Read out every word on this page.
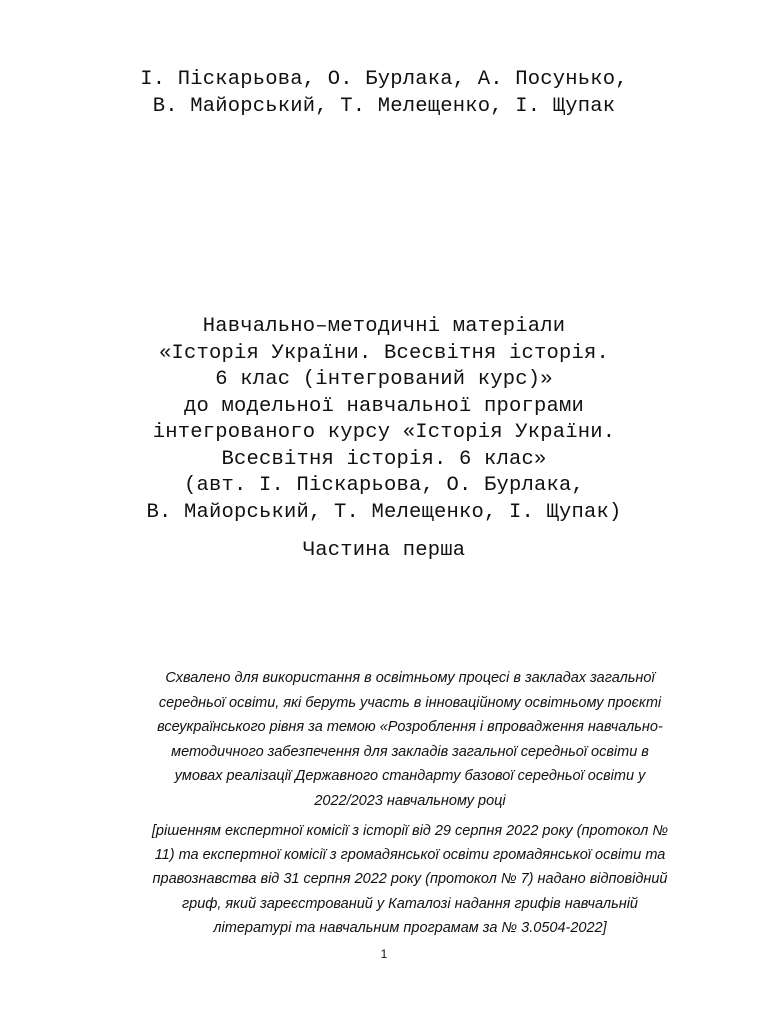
І. Піскарьова, О. Бурлака, А. Посунько,
В. Майорський, Т. Мелещенко, І. Щупак
Навчально–методичні матеріали
«Історія України. Всесвітня історія.
6 клас (інтегрований курс)»
до модельної навчальної програми
інтегрованого курсу «Історія України.
Всесвітня історія. 6 клас»
(авт. І. Піскарьова, О. Бурлака,
В. Майорський, Т. Мелещенко, І. Щупак)
Частина перша
Схвалено для використання в освітньому процесі в закладах загальної
середньої освіти, які беруть участь в інноваційному освітньому проєкті
всеукраїнського рівня за темою «Розроблення і впровадження навчально-
методичного забезпечення для закладів загальної середньої освіти в
умовах реалізації Державного стандарту базової середньої освіти у
2022/2023 навчальному році
[рішенням експертної комісії з історії від 29 серпня 2022 року (протокол №
11) та експертної комісії з громадянської освіти громадянської освіти та
правознавства від 31 серпня 2022 року (протокол № 7) надано відповідний
гриф, який зареєстрований у Каталозі надання грифів навчальній
літературі та навчальним програмам за № 3.0504-2022]
1
